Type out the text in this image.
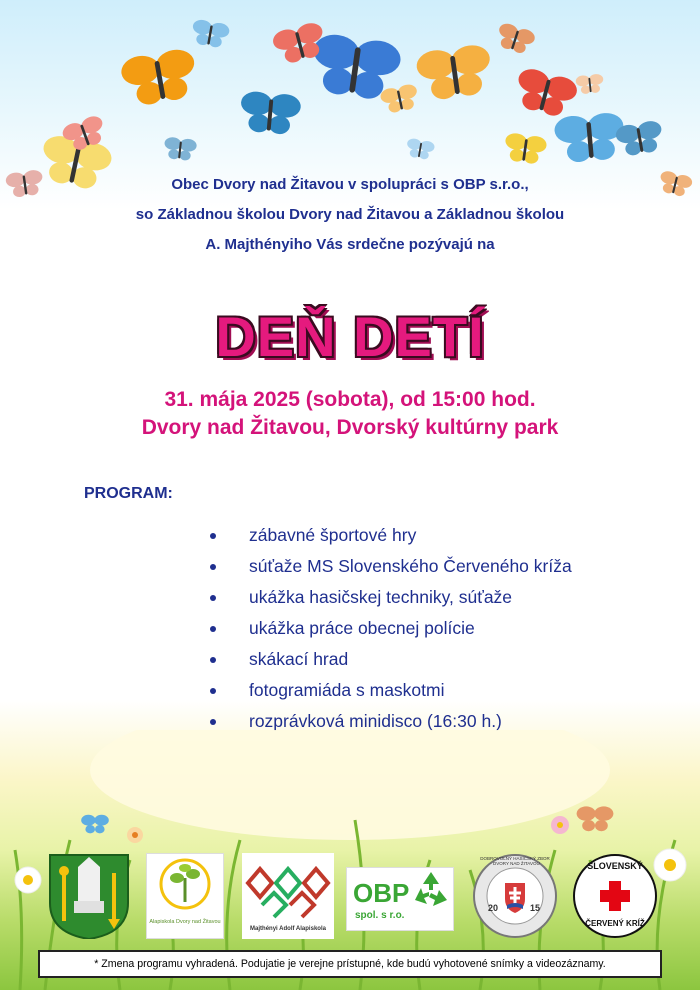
Obec Dvory nad Žitavou v spolupráci s OBP s.r.o.,
so Základnou školou Dvory nad Žitavou a Základnou školou
A. Majthényiho Vás srdečne pozývajú na
DEŇ DETÍ
31. mája 2025 (sobota), od 15:00 hod.
Dvory nad Žitavou, Dvorský kultúrny park
PROGRAM:
zábavné športové hry
súťaže MS Slovenského Červeného kríža
ukážka hasičskej techniky, súťaže
ukážka práce obecnej polície
skákací hrad
fotogramiáda s maskotmi
rozprávková minidisco (16:30 h.)
Alapiskola Dvory nad Žitavou
Majthényi Adolf Alapiskola
OBP
spol. s r.o.
20	15
DOBROVOĽNÝ HASIČSKÝ ZBOR · DVORY NAD ŽITAVOU	SLOVENSKÝ
ČERVENÝ KRÍŽ
* Zmena programu vyhradená. Podujatie je verejne prístupné, kde budú vyhotovené snímky a videozáznamy.
